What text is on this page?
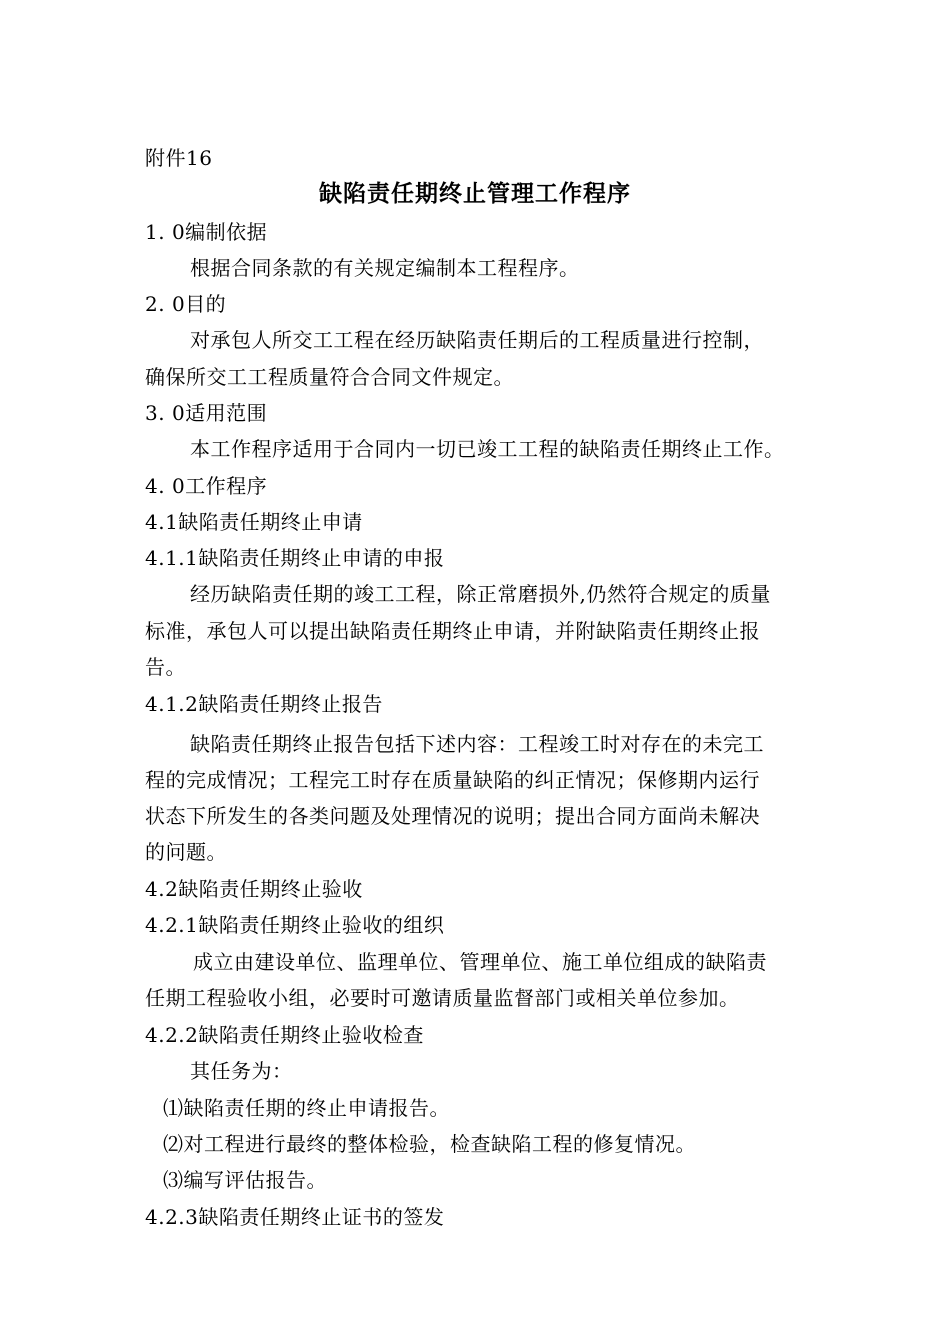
附件16
缺陷责任期终止管理工作程序
1. 0编制依据
根据合同条款的有关规定编制本工程程序。
2. 0目的
对承包人所交工工程在经历缺陷责任期后的工程质量进行控制，
确保所交工工程质量符合合同文件规定。
3. 0适用范围
本工作程序适用于合同内一切已竣工工程的缺陷责任期终止工作。
4. 0工作程序
4.1缺陷责任期终止申请
4.1.1缺陷责任期终止申请的申报
经历缺陷责任期的竣工工程，除正常磨损外,仍然符合规定的质量
标准，承包人可以提出缺陷责任期终止申请，并附缺陷责任期终止报
告。
4.1.2缺陷责任期终止报告
缺陷责任期终止报告包括下述内容：工程竣工时对存在的未完工
程的完成情况；工程完工时存在质量缺陷的纠正情况；保修期内运行
状态下所发生的各类问题及处理情况的说明；提出合同方面尚未解决
的问题。
4.2缺陷责任期终止验收
4.2.1缺陷责任期终止验收的组织
成立由建设单位、监理单位、管理单位、施工单位组成的缺陷责
任期工程验收小组，必要时可邀请质量监督部门或相关单位参加。
4.2.2缺陷责任期终止验收检查
其任务为：
⑴缺陷责任期的终止申请报告。
⑵对工程进行最终的整体检验，检查缺陷工程的修复情况。
⑶编写评估报告。
4.2.3缺陷责任期终止证书的签发
